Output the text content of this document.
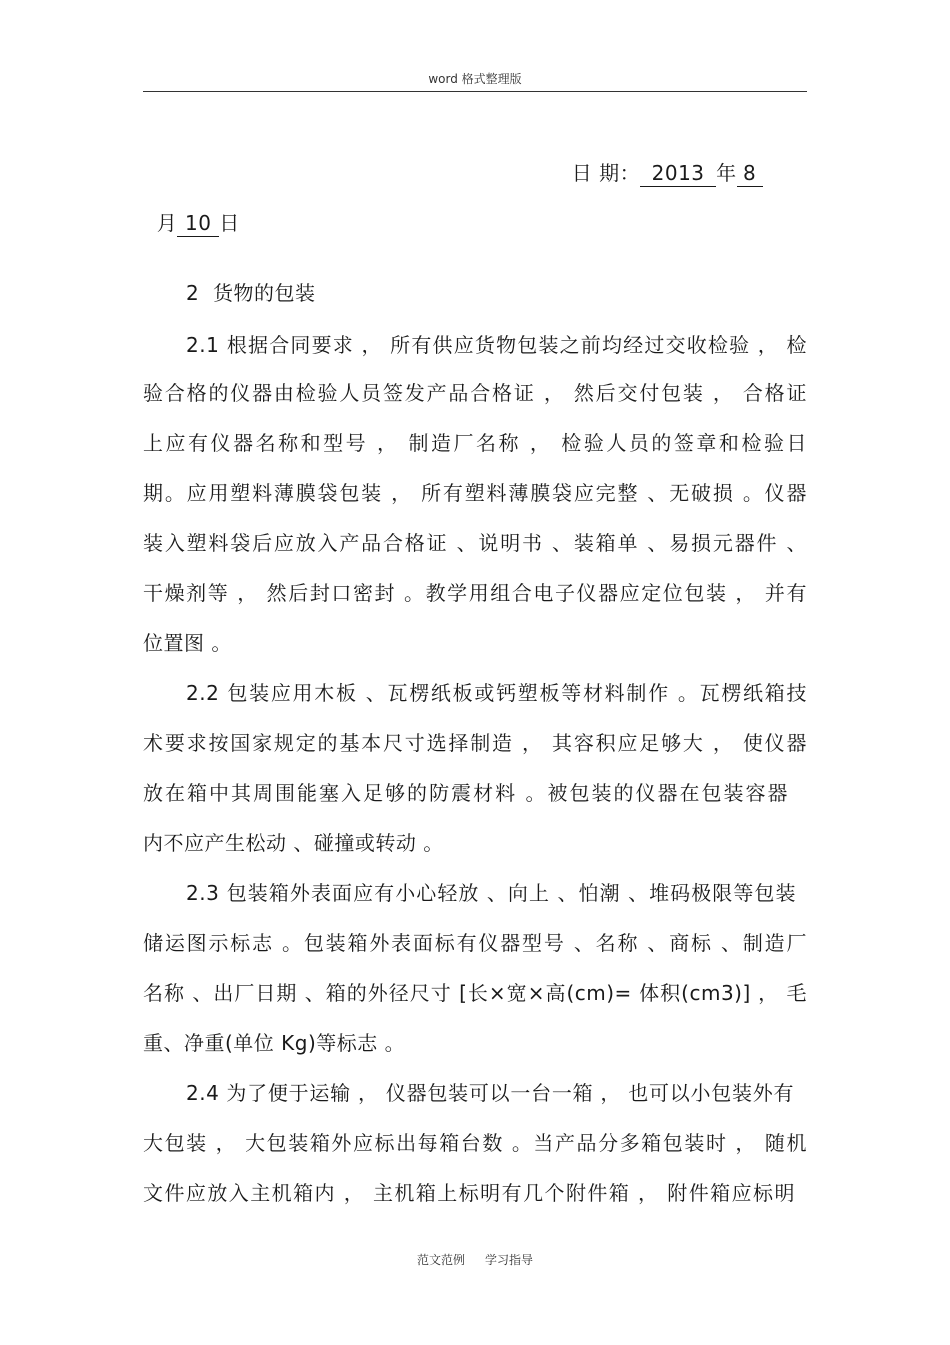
word 格式整理版

日 期： 2013 年 8

月 10 日

2  货物的包装
2.1 根据合同要求 ， 所有供应货物包装之前均经过交收检验 ， 检
验合格的仪器由检验人员签发产品合格证 ， 然后交付包装 ， 合格证
上应有仪器名称和型号 ， 制造厂名称 ， 检验人员的签章和检验日
期。应用塑料薄膜袋包装 ， 所有塑料薄膜袋应完整 、无破损 。仪器
装入塑料袋后应放入产品合格证 、说明书 、装箱单 、易损元器件 、
干燥剂等 ， 然后封口密封 。教学用组合电子仪器应定位包装 ， 并有
位置图 。
2.2 包装应用木板 、瓦楞纸板或钙塑板等材料制作 。瓦楞纸箱技
术要求按国家规定的基本尺寸选择制造 ， 其容积应足够大 ， 使仪器
放在箱中其周围能塞入足够的防震材料 。被包装的仪器在包装容器
内不应产生松动 、碰撞或转动 。
2.3 包装箱外表面应有小心轻放 、向上 、怕潮 、堆码极限等包装
储运图示标志 。包装箱外表面标有仪器型号 、名称 、商标 、制造厂
名称 、出厂日期 、箱的外径尺寸 [长×宽×高(cm)= 体积(cm3)] ， 毛
重、净重(单位 Kg)等标志 。
2.4 为了便于运输 ， 仪器包装可以一台一箱 ， 也可以小包装外有
大包装 ， 大包装箱外应标出每箱台数 。当产品分多箱包装时 ， 随机
文件应放入主机箱内 ， 主机箱上标明有几个附件箱 ， 附件箱应标明
范文范例 学习指导
